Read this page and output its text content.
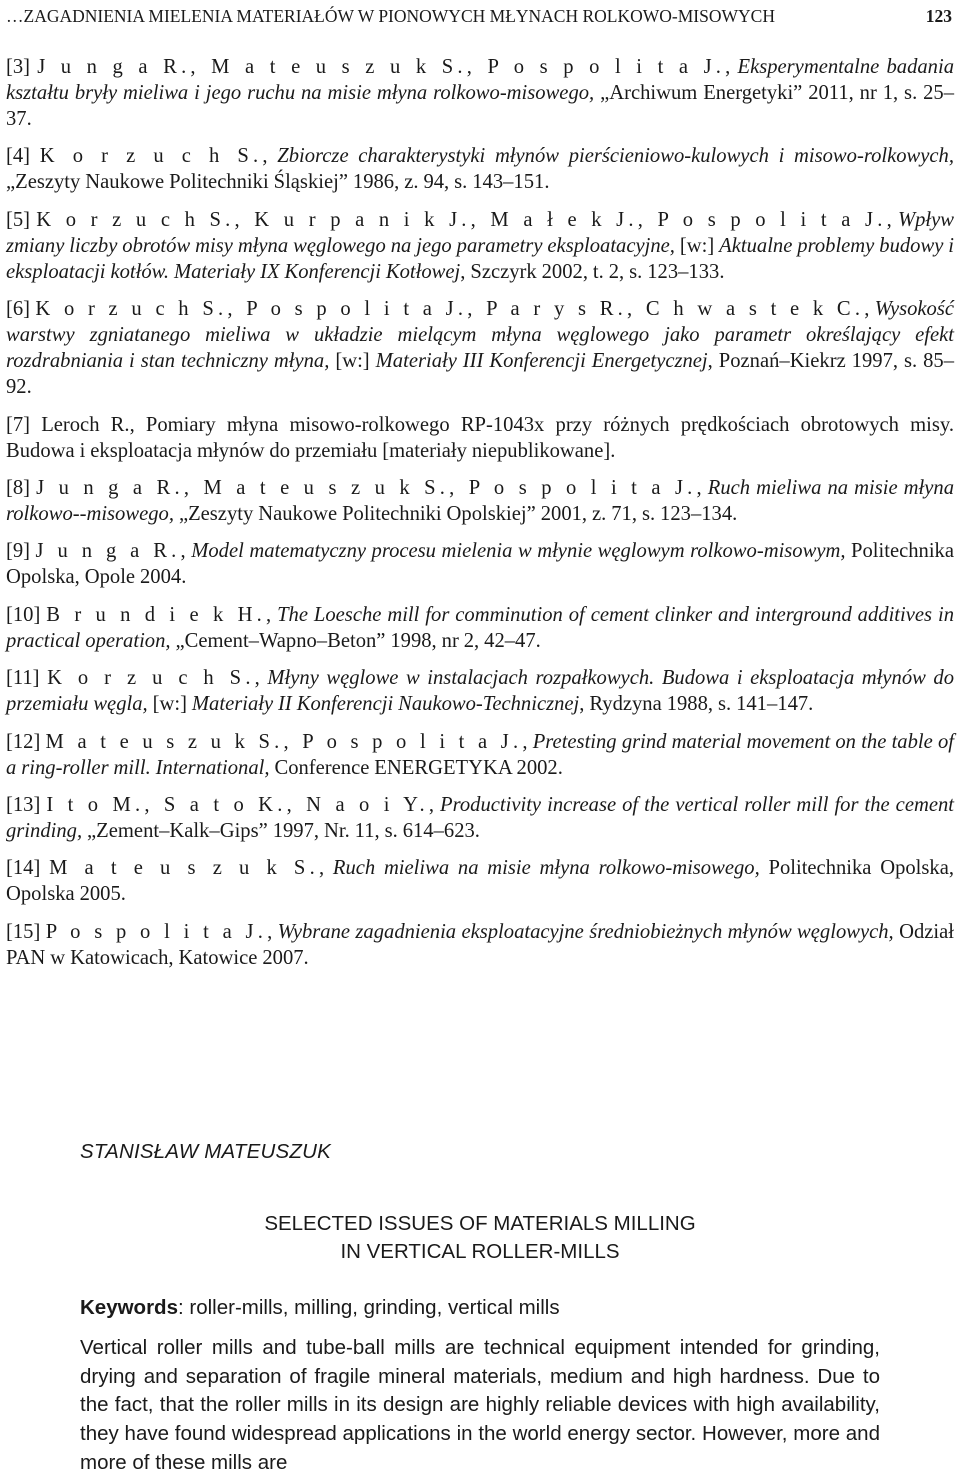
…ZAGADNIENIA MIELENIA MATERIAŁÓW W PIONOWYCH MŁYNACH ROLKOWO-MISOWYCH	123

[3] J u n g a R., M a t e u s z u k S., P o s p o l i t a J., Eksperymentalne badania kształtu bryły mieliwa i jego ruchu na misie młyna rolkowo-misowego, „Archiwum Energetyki” 2011, nr 1, s. 25–37.

[4] K o r z u c h S., Zbiorcze charakterystyki młynów pierścieniowo-kulowych i misowo-rolkowych, „Zeszyty Naukowe Politechniki Śląskiej” 1986, z. 94, s. 143–151.

[5] K o r z u c h S., K u r p a n i k J., M a ł e k J., P o s p o l i t a J., Wpływ zmiany liczby obrotów misy młyna węglowego na jego parametry eksploatacyjne, [w:] Aktualne problemy budowy i eksploatacji kotłów. Materiały IX Konferencji Kotłowej, Szczyrk 2002, t. 2, s. 123–133.

[6] K o r z u c h S., P o s p o l i t a J., P a r y s R., C h w a s t e k C., Wysokość warstwy zgniatanego mieliwa w układzie mielącym młyna węglowego jako parametr określający efekt rozdrabniania i stan techniczny młyna, [w:] Materiały III Konferencji Energetycznej, Poznań–Kiekrz 1997, s. 85–92.

[7] Leroch R., Pomiary młyna misowo-rolkowego RP-1043x przy różnych prędkościach obrotowych misy. Budowa i eksploatacja młynów do przemiału [materiały niepublikowane].

[8] J u n g a R., M a t e u s z u k S., P o s p o l i t a J., Ruch mieliwa na misie młyna rolkowo--misowego, „Zeszyty Naukowe Politechniki Opolskiej” 2001, z. 71, s. 123–134.

[9] J u n g a R., Model matematyczny procesu mielenia w młynie węglowym rolkowo-misowym, Politechnika Opolska, Opole 2004.

[10] B r u n d i e k H., The Loesche mill for comminution of cement clinker and interground additives in practical operation, „Cement–Wapno–Beton” 1998, nr 2, 42–47.

[11] K o r z u c h S., Młyny węglowe w instalacjach rozpałkowych. Budowa i eksploatacja młynów do przemiału węgla, [w:] Materiały II Konferencji Naukowo-Technicznej, Rydzyna 1988, s. 141–147.

[12] M a t e u s z u k S., P o s p o l i t a J., Pretesting grind material movement on the table of a ring-roller mill. International, Conference ENERGETYKA 2002.

[13] I t o M., S a t o K., N a o i Y., Productivity increase of the vertical roller mill for the cement grinding, „Zement–Kalk–Gips” 1997, Nr. 11, s. 614–623.

[14] M a t e u s z u k S., Ruch mieliwa na misie młyna rolkowo-misowego, Politechnika Opolska, Opolska 2005.

[15] P o s p o l i t a J., Wybrane zagadnienia eksploatacyjne średniobieżnych młynów węglowych, Odział PAN w Katowicach, Katowice 2007.

STANISŁAW MATEUSZUK
SELECTED ISSUES OF MATERIALS MILLING
IN VERTICAL ROLLER-MILLS
Keywords: roller-mills, milling, grinding, vertical mills
Vertical roller mills and tube-ball mills are technical equipment intended for grinding, drying and separation of fragile mineral materials, medium and high hardness. Due to the fact, that the roller mills in its design are highly reliable devices with high availability, they have found widespread applications in the world energy sector. However, more and more of these mills are
